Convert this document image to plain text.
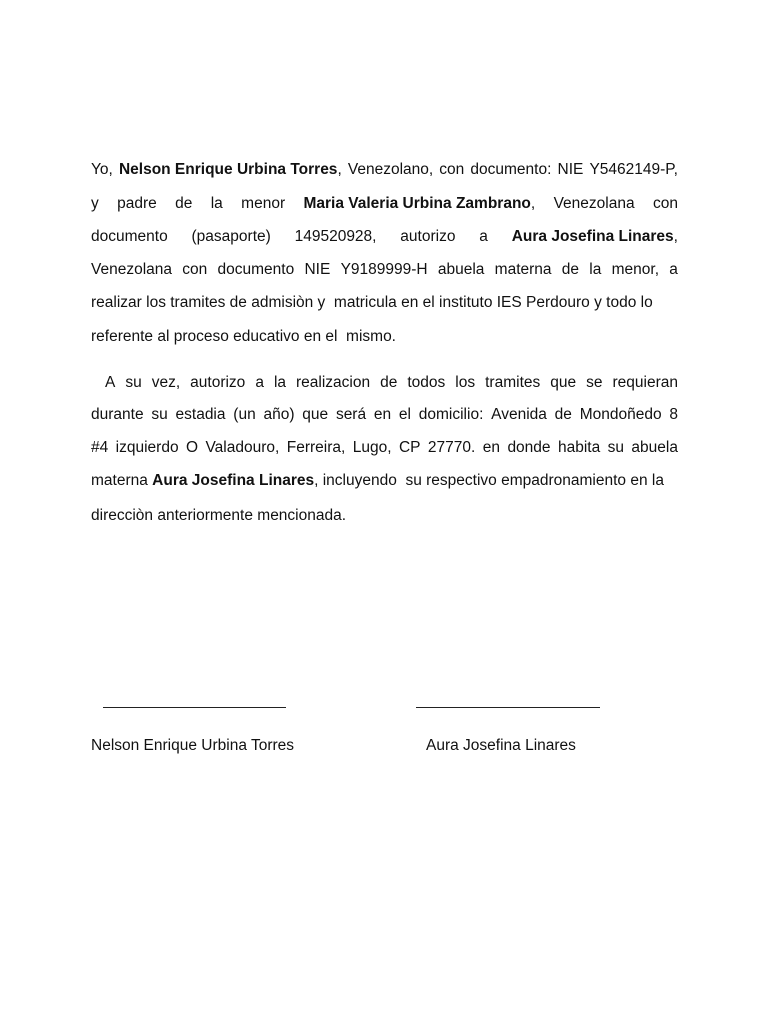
Yo, Nelson Enrique Urbina Torres, Venezolano, con documento: NIE Y5462149-P,
y padre de la menor Maria Valeria Urbina Zambrano, Venezolana con
documento (pasaporte) 149520928, autorizo a Aura Josefina Linares,
Venezolana con documento NIE Y9189999-H abuela materna de la menor, a
realizar los tramites de admisiòn y  matricula en el instituto IES Perdouro y todo lo
referente al proceso educativo en el  mismo.
A su vez, autorizo a la realizacion de todos los tramites que se requieran
durante su estadia (un año) que será en el domicilio: Avenida de Mondoñedo 8
#4 izquierdo O Valadouro, Ferreira, Lugo, CP 27770. en donde habita su abuela
materna Aura Josefina Linares, incluyendo  su respectivo empadronamiento en la
direcciòn anteriormente mencionada.
Nelson Enrique Urbina Torres	Aura Josefina Linares
